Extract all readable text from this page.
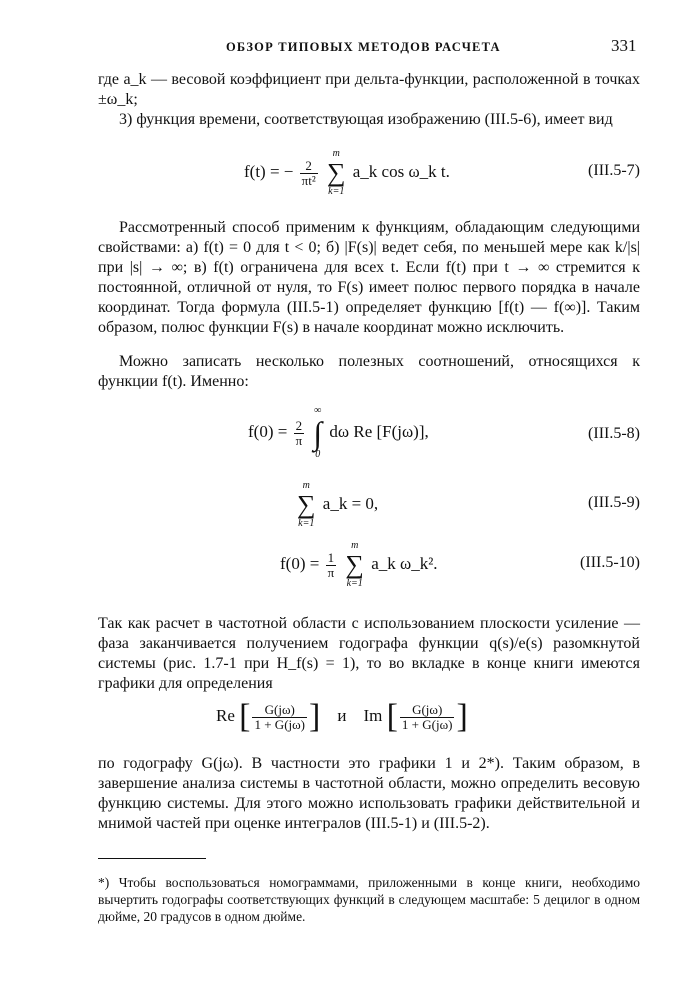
ОБЗОР ТИПОВЫХ МЕТОДОВ РАСЧЕТА	331
где a_k — весовой коэффициент при дельта-функции, расположенной в точках ±ω_k;
3) функция времени, соответствующая изображению (III.5-6), имеет вид
f(t) = − $\frac{2}{\text{πt²}}$

m
∑
k=1
a_k cos ω_k t.	(III.5-7)
Рассмотренный способ применим к функциям, обладающим следующими свойствами: а) f(t) = 0 для t < 0; б) |F(s)| ведет себя, по меньшей мере как k/|s| при |s| → ∞; в) f(t) ограничена для всех t. Если f(t) при t → ∞ стремится к постоянной, отличной от нуля, то F(s) имеет полюс первого порядка в начале координат. Тогда формула (III.5-1) определяет функцию [f(t) — f(∞)]. Таким образом, полюс функции F(s) в начале координат можно исключить.
Можно записать несколько полезных соотношений, относящихся к функции f(t). Именно:
$f(0) = \frac{2}{\pi}$

∞
∫
0
dω Re [F(jω)],	(III.5-8)
m
∑
k=1
a_k = 0,	(III.5-9)
$f(0) = \frac{1}{\pi}$

m
∑
k=1
a_k ω_k².	(III.5-10)
Так как расчет в частотной области с использованием плоскости усиление — фаза заканчивается получением годографа функции q(s)/e(s) разомкнутой системы (рис. 1.7-1 при H_f(s) = 1), то во вкладке в конце книги имеются графики для определения
Re [ $\frac{G(j\omega)}{1 + G(j\omega)}$ ] и Im [ $\frac{G(j\omega)}{1 + G(j\omega)}$ ]
по годографу G(jω). В частности это графики 1 и 2*). Таким образом, в завершение анализа системы в частотной области, можно определить весовую функцию системы. Для этого можно использовать графики действительной и мнимой частей при оценке интегралов (III.5-1) и (III.5-2).
*) Чтобы воспользоваться номограммами, приложенными в конце книги, необходимо вычертить годографы соответствующих функций в следующем масштабе: 5 децилог в одном дюйме, 20 градусов в одном дюйме.
